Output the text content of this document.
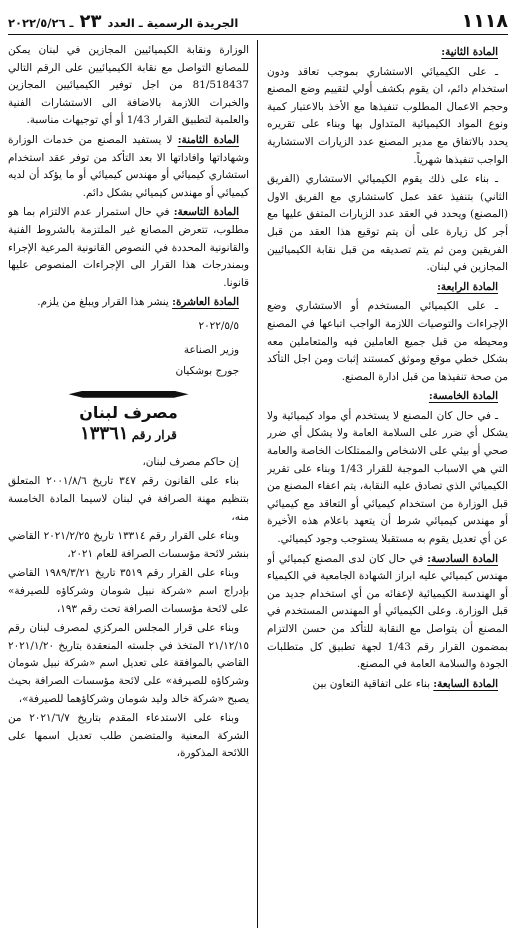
١١١٨
الجريدة الرسمية ـ العدد ٢٣ ـ ٢٠٢٢/٥/٢٦

المادة الثانية:

ـ على الكيميائي الاستشاري بموجب تعاقد ودون استخدام دائم، ان يقوم بكشف أولي لتقييم وضع المصنع وحجم الاعمال المطلوب تنفيذها مع الأخذ بالاعتبار كمية ونوع المواد الكيميائية المتداول بها وبناء على تقريره يحدد بالاتفاق مع مدير المصنع عدد الزيارات الاستشارية الواجب تنفيذها شهرياً.

ـ بناء على ذلك يقوم الكيميائي الاستشاري (الفريق الثاني) بتنفيذ عقد عمل كاستشاري مع الفريق الاول (المصنع) ويحدد في العقد عدد الزيارات المتفق عليها مع أجر كل زيارة على أن يتم توقيع هذا العقد من قبل الفريقين ومن ثم يتم تصديقه من قبل نقابة الكيميائيين المجازين في لبنان.

المادة الرابعة:

ـ على الكيميائي المستخدم أو الاستشاري وضع الإجراءات والتوصيات اللازمة الواجب اتباعها في المصنع ومحيطه من قبل جميع العاملين فيه والمتعاملين معه بشكل خطي موقع وموثق كمستند إثبات ومن اجل التأكد من صحة تنفيذها من قبل ادارة المصنع.

المادة الخامسة:

ـ في حال كان المصنع لا يستخدم أي مواد كيميائية ولا يشكل أي ضرر على السلامة العامة ولا يشكل أي ضرر صحي أو بيئي على الاشخاص والممتلكات الخاصة والعامة التي هي الاسباب الموجبة للقرار 1/43 وبناء على تقرير الكيميائي الذي تصادق عليه النقابة، يتم اعفاء المصنع من قبل الوزارة من استخدام كيميائي أو التعاقد مع كيميائي أو مهندس كيميائي شرط أن يتعهد باعلام هذه الأخيرة عن أي تعديل يقوم به مستقبلا يستوجب وجود كيميائي.

المادة السادسة: في حال كان لدى المصنع كيميائي أو مهندس كيميائي عليه ابراز الشهادة الجامعية في الكيمياء أو الهندسة الكيميائية لإعفائه من أي استخدام جديد من قبل الوزارة. وعلى الكيميائي أو المهندس المستخدم في المصنع أن يتواصل مع النقابة للتأكد من حسن الالتزام بمضمون القرار رقم 1/43 لجهة تطبيق كل متطلبات الجودة والسلامة العامة في المصنع.

المادة السابعة: بناء على اتفاقية التعاون بين

الوزارة ونقابة الكيميائيين المجازين في لبنان يمكن للمصانع التواصل مع نقابة الكيميائيين على الرقم التالي 81/518437 من اجل توفير الكيميائيين المجازين والخبرات اللازمة بالاضافة الى الاستشارات الفنية والعلمية لتطبيق القرار 1/43 أو أي توجيهات مناسبة.

المادة الثامنة: لا يستفيد المصنع من خدمات الوزارة وشهاداتها وافاداتها الا بعد التأكد من توفر عقد استخدام استشاري كيميائي أو مهندس كيميائي أو ما يؤكد أن لديه كيميائي أو مهندس كيميائي بشكل دائم.

المادة التاسعة: في حال استمرار عدم الالتزام بما هو مطلوب، تتعرض المصانع غير الملتزمة بالشروط الفنية والقانونية المحددة في النصوص القانونية المرعية الإجراء وبمندرجات هذا القرار الى الإجراءات المنصوص عليها قانونا.

المادة العاشرة: ينشر هذا القرار ويبلغ من يلزم.

٢٠٢٢/٥/٥

وزير الصناعة

جورج بوشكيان

مصرف لبنان

قرار رقم ١٣٣٦١

إن حاكم مصرف لبنان،

بناء على القانون رقم ٣٤٧ تاريخ ٢٠٠١/٨/٦ المتعلق بتنظيم مهنة الصرافة في لبنان لاسيما المادة الخامسة منه،

وبناء على القرار رقم ١٣٣١٤ تاريخ ٢٠٢١/٢/٢٥ القاضي بنشر لائحة مؤسسات الصرافة للعام ٢٠٢١،

وبناء على القرار رقم ٣٥١٩ تاريخ ١٩٨٩/٣/٢١ القاضي بإدراج اسم «شركة نبيل شومان وشركاؤه للصيرفة» على لائحة مؤسسات الصرافة تحت رقم ١٩٣،

وبناء على قرار المجلس المركزي لمصرف لبنان رقم ٢١/١٢/١٥ المتخذ في جلسته المنعقدة بتاريخ ٢٠٢١/١/٢٠ القاضي بالموافقة على تعديل اسم «شركة نبيل شومان وشركاؤه للصيرفة» على لائحة مؤسسات الصرافة بحيث يصبح «شركة خالد وليد شومان وشركاؤهما للصيرفة»،

وبناء على الاستدعاء المقدم بتاريخ ٢٠٢١/٦/٧ من الشركة المعنية والمتضمن طلب تعديل اسمها على اللائحة المذكورة،
